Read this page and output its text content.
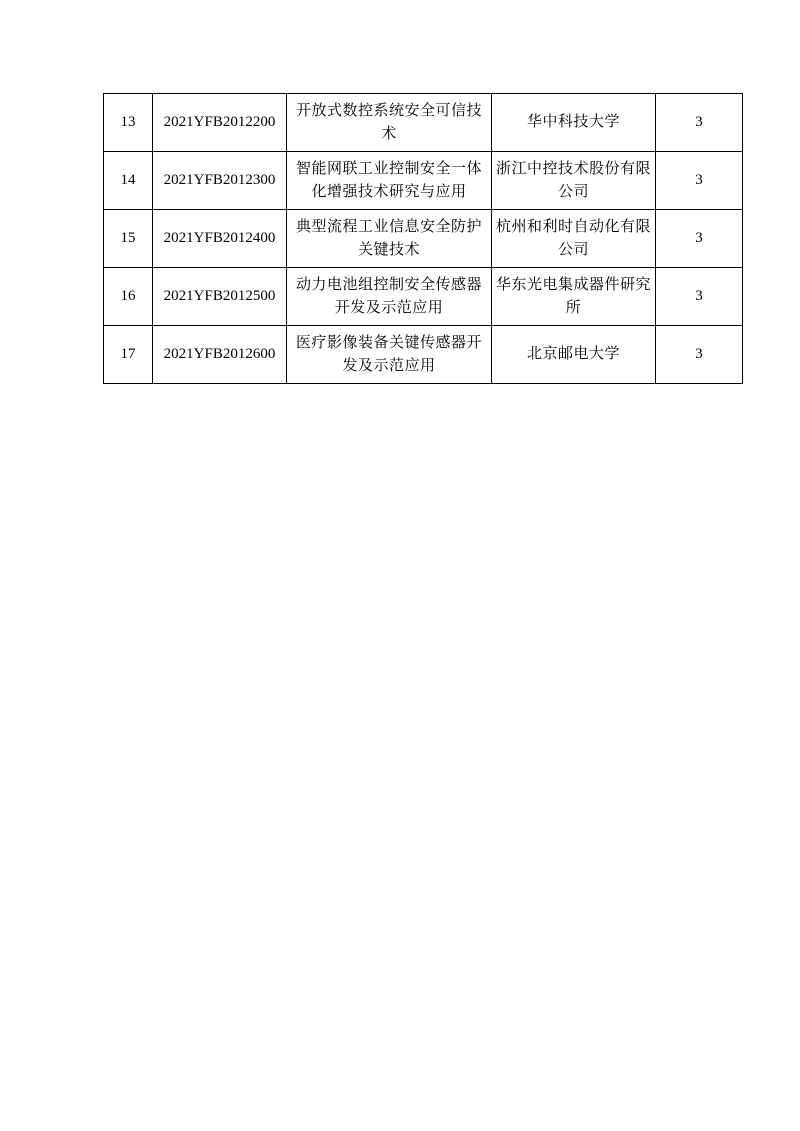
13	2021YFB2012200	开放式数控系统安全可信技术	华中科技大学	3
14	2021YFB2012300	智能网联工业控制安全一体化增强技术研究与应用	浙江中控技术股份有限公司	3
15	2021YFB2012400	典型流程工业信息安全防护关键技术	杭州和利时自动化有限公司	3
16	2021YFB2012500	动力电池组控制安全传感器开发及示范应用	华东光电集成器件研究所	3
17	2021YFB2012600	医疗影像装备关键传感器开发及示范应用	北京邮电大学	3
